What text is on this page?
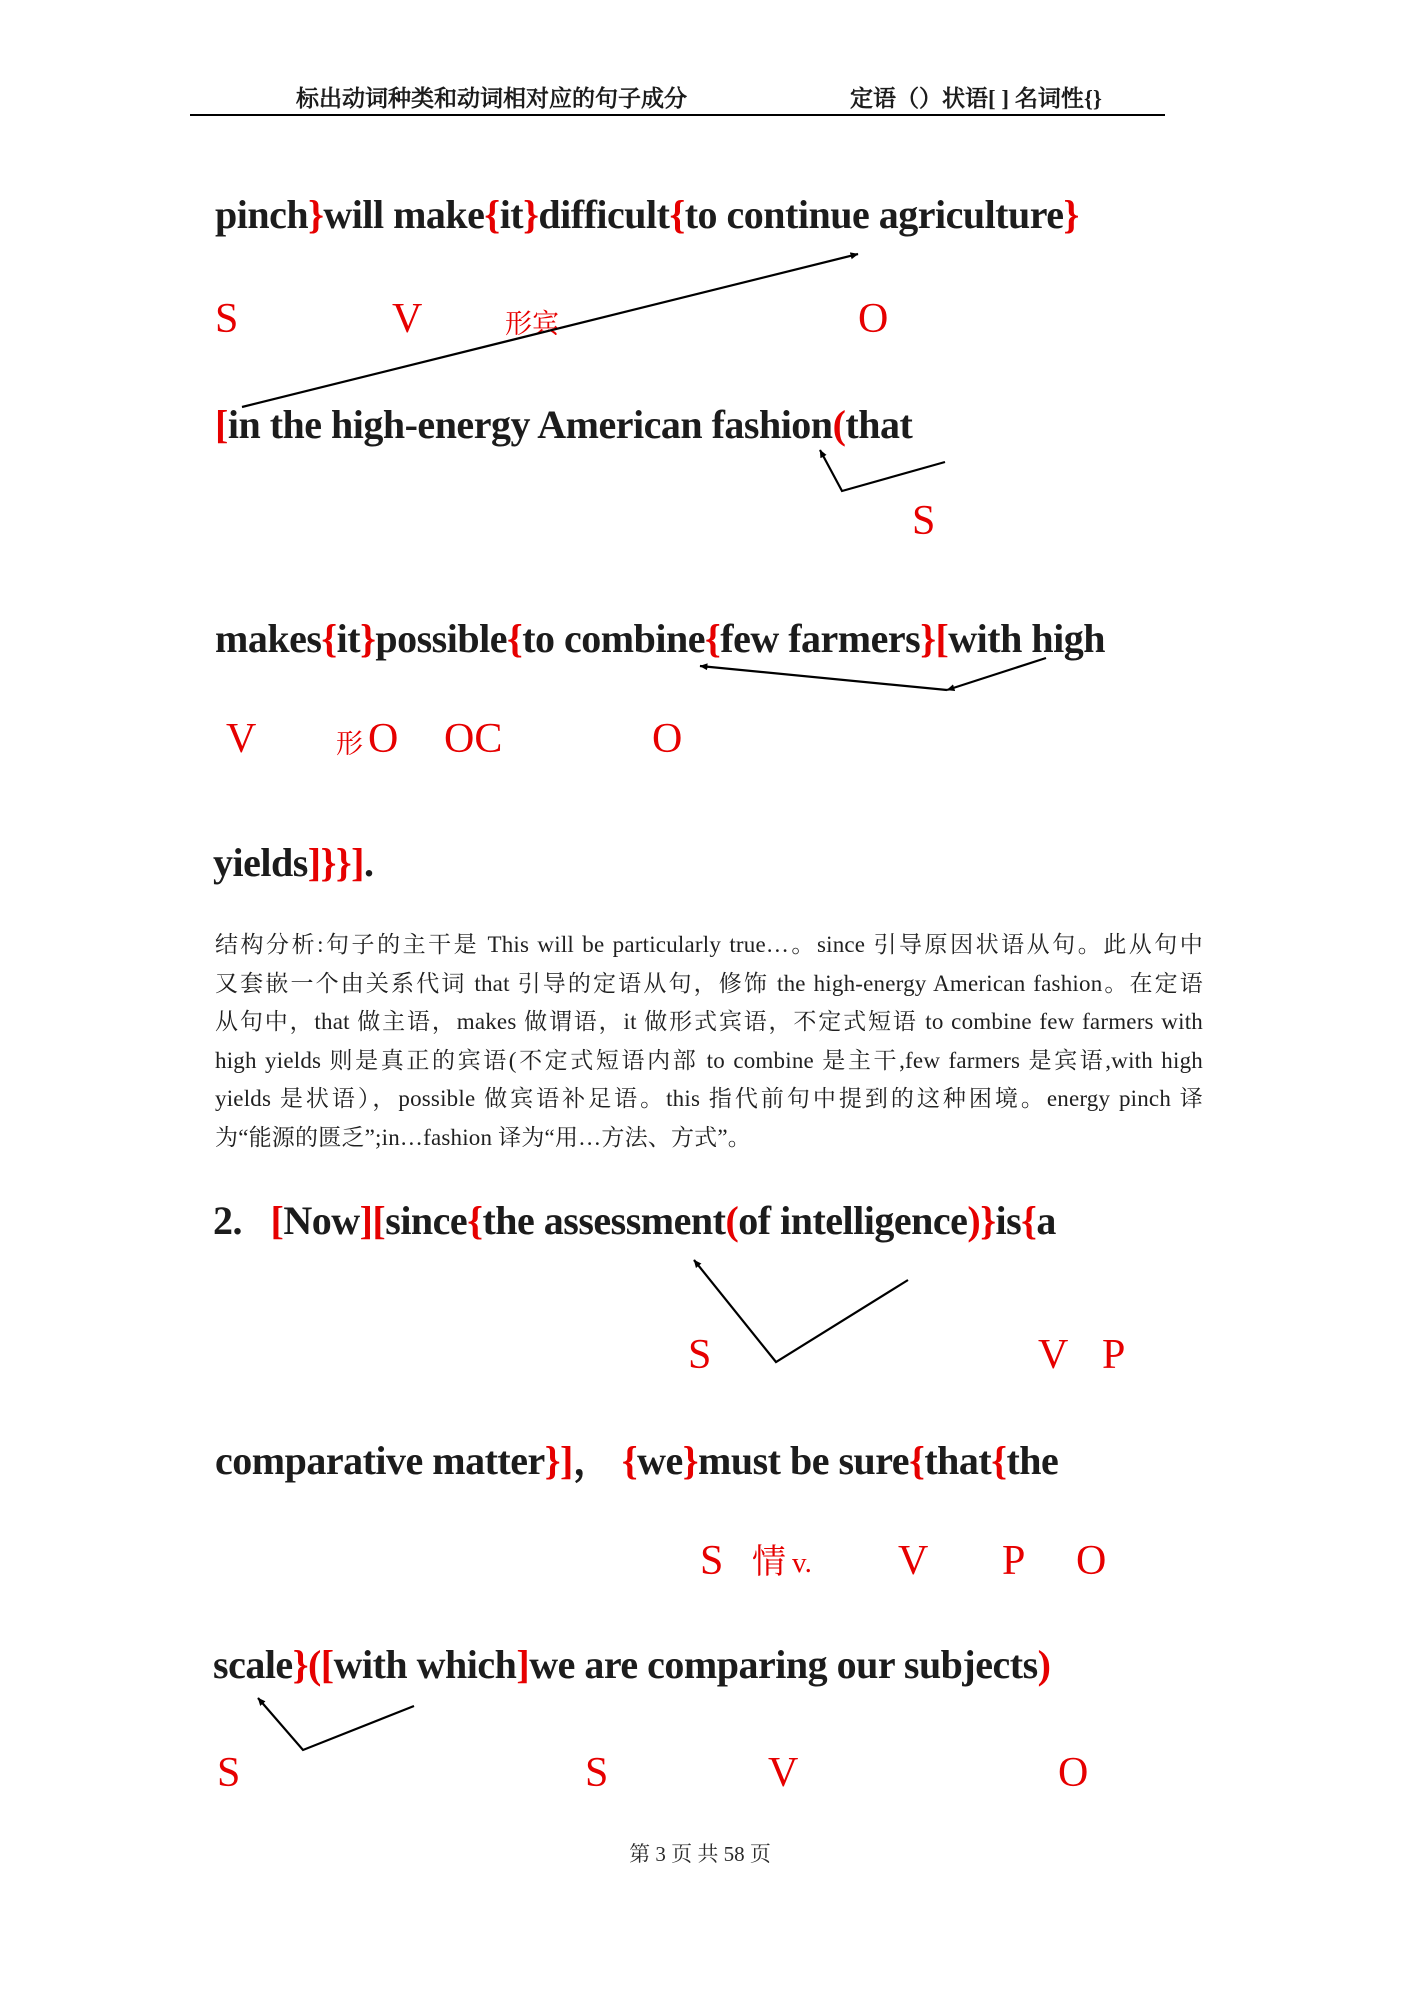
标出动词种类和动词相对应的句子成分	定语（）状语[ ] 名词性{}
pinch}will make{it}difficult{to continue agriculture}
[in the high-energy American fashion(that
makes{it}possible{to combine{few farmers}[with high
yields]}}].
2.   [Now][since{the assessment(of intelligence)}is{a
comparative matter}]， {we}must be sure{that{the
scale}([with which]we are comparing our subjects)
S	V	形宾	O
S
V	形 O OC	O
S	V P
S 情 v. V P O
S	S	V	O
结构分析:句子的主干是 This will be particularly true…。since 引导原因状语从句。此从句中
又套嵌一个由关系代词 that 引导的定语从句，修饰 the high-energy American fashion。在定语
从句中，that 做主语，makes 做谓语，it 做形式宾语，不定式短语 to combine few farmers with
high yields 则是真正的宾语(不定式短语内部 to combine 是主干,few farmers 是宾语,with high
yields 是状语），possible 做宾语补足语。this 指代前句中提到的这种困境。energy pinch 译
为“能源的匮乏”;in…fashion 译为“用…方法、方式”。
第 3 页 共 58 页
